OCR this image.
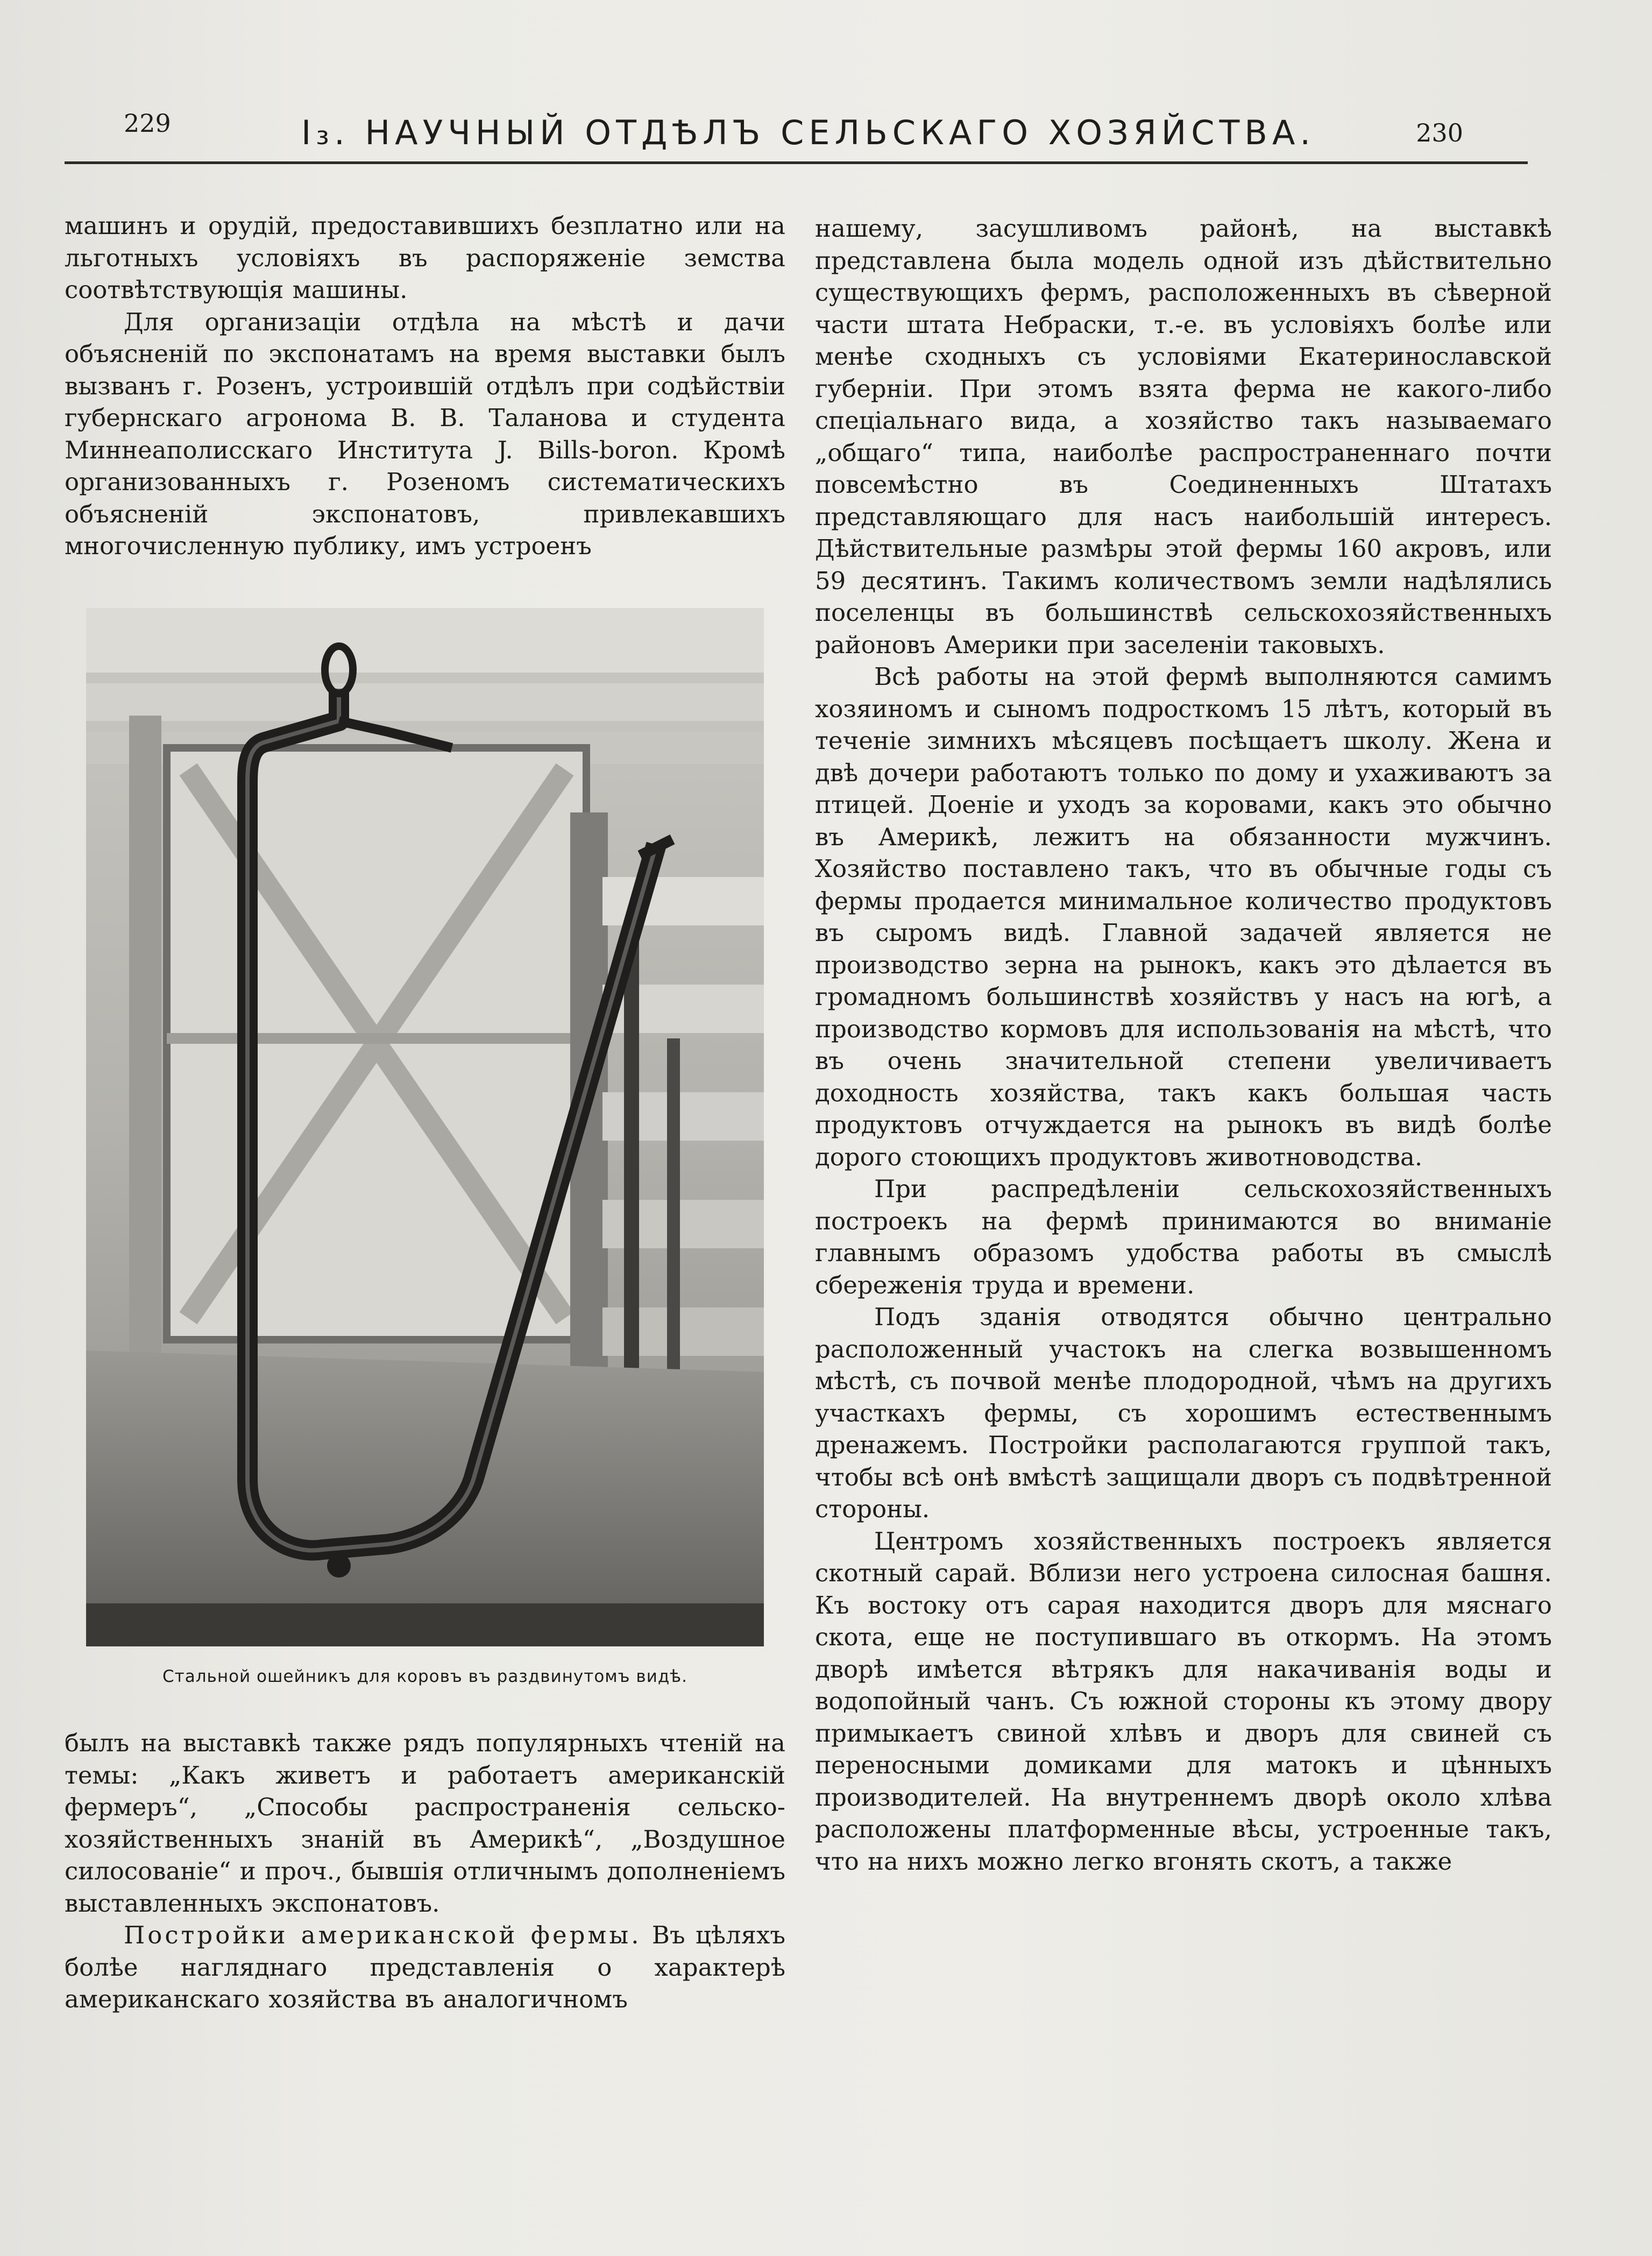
229	I₃. НАУЧНЫЙ ОТДѢЛЪ СЕЛЬСКАГО ХОЗЯЙСТВА.	230

машинъ и орудій, предоставившихъ безплатно или на льготныхъ условіяхъ въ распоряженіе земства соотвѣтствующія машины.

Для организаціи отдѣла на мѣстѣ и дачи объясненій по экспонатамъ на время выставки былъ вызванъ г. Розенъ, устроившій отдѣлъ при содѣйствіи губернскаго агронома В. В. Таланова и студента Миннеаполисскаго Института J. Bills-boron. Кромѣ организованныхъ г. Розеномъ систематическихъ объясненій экспонатовъ, привлекавшихъ многочисленную публику, имъ устроенъ

Стальной ошейникъ для коровъ въ раздвинутомъ видѣ.

былъ на выставкѣ также рядъ популярныхъ чтеній на темы: „Какъ живетъ и работаетъ американскій фермеръ“, „Способы распространенія сельско-хозяйственныхъ знаній въ Америкѣ“, „Воздушное силосованіе“ и проч., бывшія отличнымъ дополненіемъ выставленныхъ экспонатовъ.

Постройки американской фермы. Въ цѣляхъ болѣе нагляднаго представленія о характерѣ американскаго хозяйства въ аналогичномъ

нашему, засушливомъ районѣ, на выставкѣ представлена была модель одной изъ дѣйствительно существующихъ фермъ, расположенныхъ въ сѣверной части штата Небраски, т.-е. въ условіяхъ болѣе или менѣе сходныхъ съ условіями Екатеринославской губерніи. При этомъ взята ферма не какого-либо спеціальнаго вида, а хозяйство такъ называемаго „общаго“ типа, наиболѣе распространеннаго почти повсемѣстно въ Соединенныхъ Штатахъ представляющаго для насъ наибольшій интересъ. Дѣйствительные размѣры этой фермы 160 акровъ, или 59 десятинъ. Такимъ количествомъ земли надѣлялись поселенцы въ большинствѣ сельскохозяйственныхъ районовъ Америки при заселеніи таковыхъ.

Всѣ работы на этой фермѣ выполняются самимъ хозяиномъ и сыномъ подросткомъ 15 лѣтъ, который въ теченіе зимнихъ мѣсяцевъ посѣщаетъ школу. Жена и двѣ дочери работаютъ только по дому и ухаживаютъ за птицей. Доеніе и уходъ за коровами, какъ это обычно въ Америкѣ, лежитъ на обязанности мужчинъ. Хозяйство поставлено такъ, что въ обычные годы съ фермы продается минимальное количество продуктовъ въ сыромъ видѣ. Главной задачей является не производство зерна на рынокъ, какъ это дѣлается въ громадномъ большинствѣ хозяйствъ у насъ на югѣ, а производство кормовъ для использованія на мѣстѣ, что въ очень значительной степени увеличиваетъ доходность хозяйства, такъ какъ большая часть продуктовъ отчуждается на рынокъ въ видѣ болѣе дорого стоющихъ продуктовъ животноводства.

При распредѣленіи сельскохозяйственныхъ построекъ на фермѣ принимаются во вниманіе главнымъ образомъ удобства работы въ смыслѣ сбереженія труда и времени.

Подъ зданія отводятся обычно центрально расположенный участокъ на слегка возвышенномъ мѣстѣ, съ почвой менѣе плодородной, чѣмъ на другихъ участкахъ фермы, съ хорошимъ естественнымъ дренажемъ. Постройки располагаются группой такъ, чтобы всѣ онѣ вмѣстѣ защищали дворъ съ подвѣтренной стороны.

Центромъ хозяйственныхъ построекъ является скотный сарай. Вблизи него устроена силосная башня. Къ востоку отъ сарая находится дворъ для мяснаго скота, еще не поступившаго въ откормъ. На этомъ дворѣ имѣется вѣтрякъ для накачиванія воды и водопойный чанъ. Съ южной стороны къ этому двору примыкаетъ свиной хлѣвъ и дворъ для свиней съ переносными домиками для матокъ и цѣнныхъ производителей. На внутреннемъ дворѣ около хлѣва расположены платформенные вѣсы, устроенные такъ, что на нихъ можно легко вгонять скотъ, а также
